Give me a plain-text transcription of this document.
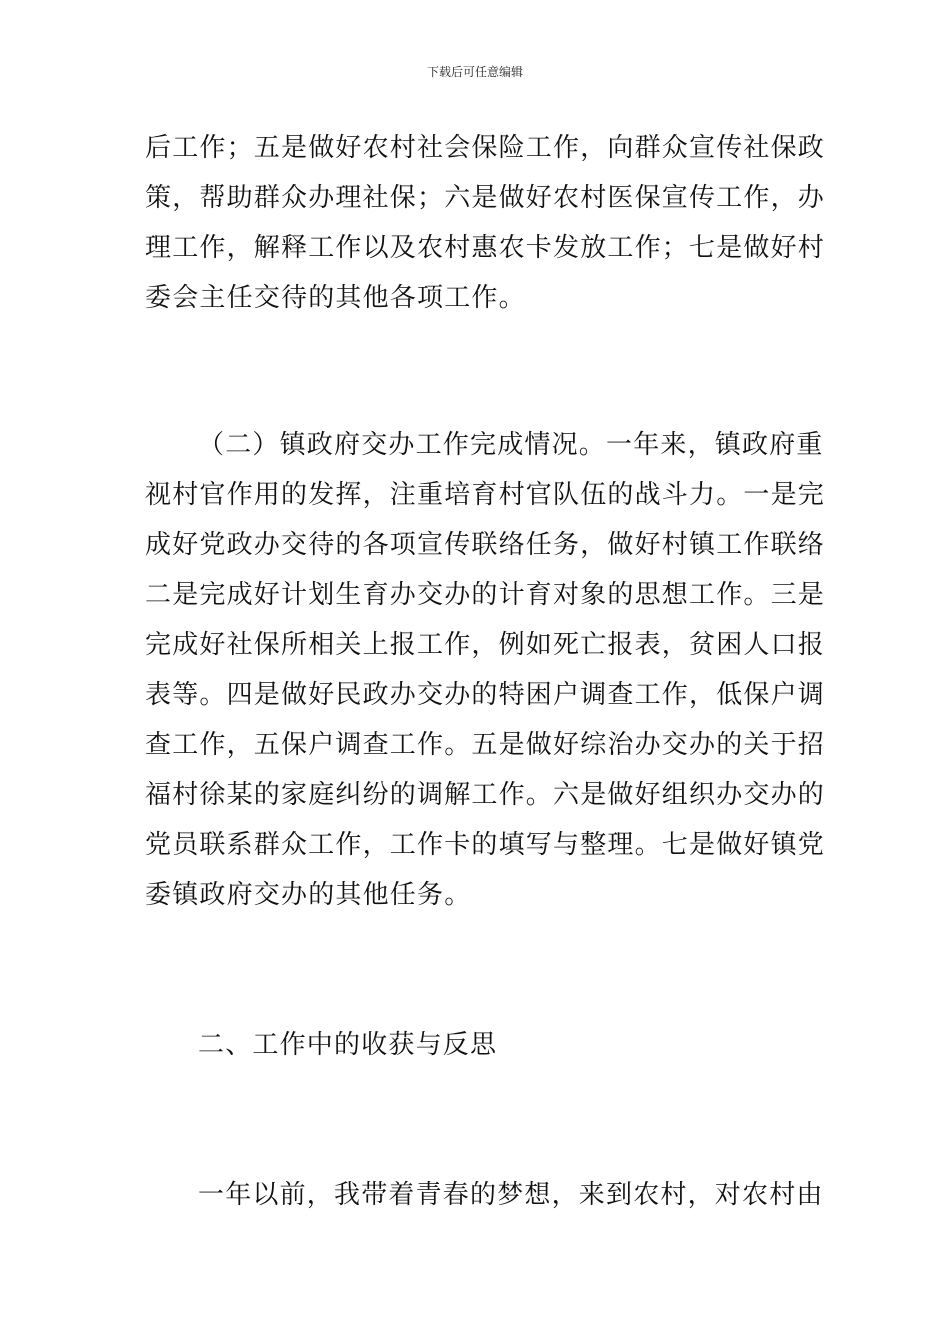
下载后可任意编辑
后工作；五是做好农村社会保险工作，向群众宣传社保政
策，帮助群众办理社保；六是做好农村医保宣传工作，办
理工作，解释工作以及农村惠农卡发放工作；七是做好村
委会主任交待的其他各项工作。
（二）镇政府交办工作完成情况。一年来，镇政府重
视村官作用的发挥，注重培育村官队伍的战斗力。一是完
成好党政办交待的各项宣传联络任务，做好村镇工作联络
二是完成好计划生育办交办的计育对象的思想工作。三是
完成好社保所相关上报工作，例如死亡报表，贫困人口报
表等。四是做好民政办交办的特困户调查工作，低保户调
查工作，五保户调查工作。五是做好综治办交办的关于招
福村徐某的家庭纠纷的调解工作。六是做好组织办交办的
党员联系群众工作，工作卡的填写与整理。七是做好镇党
委镇政府交办的其他任务。
二、工作中的收获与反思
一年以前，我带着青春的梦想，来到农村，对农村由
